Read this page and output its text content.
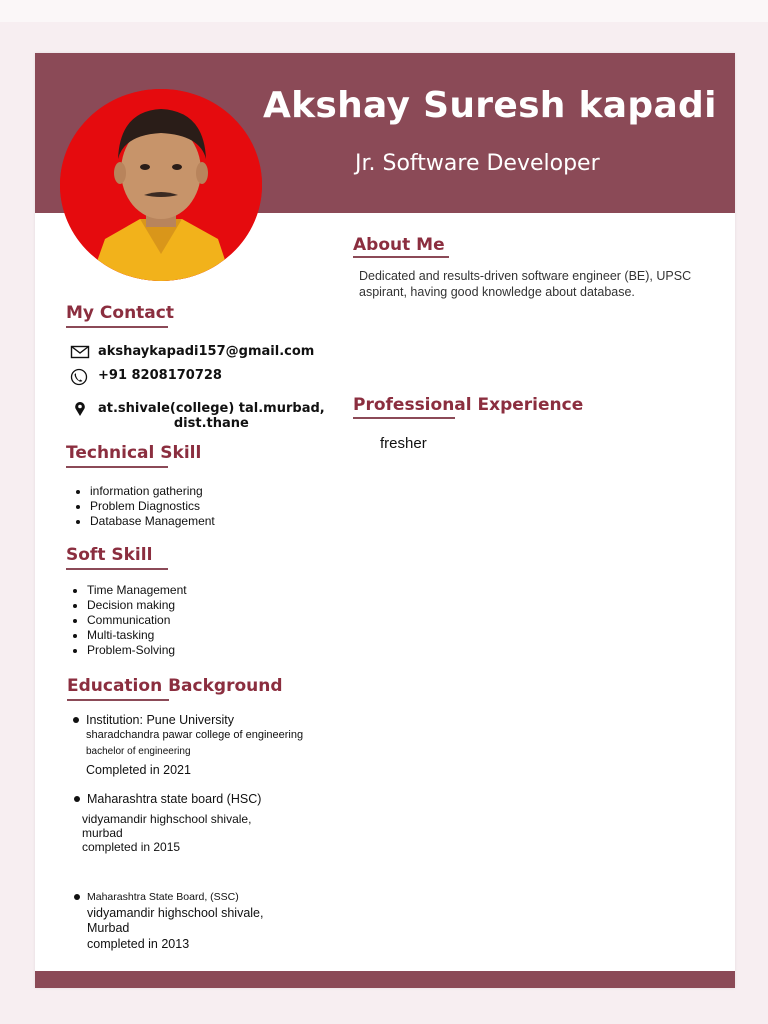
Akshay Suresh kapadi
Jr. Software Developer
About Me
Dedicated and results-driven software engineer (BE), UPSC aspirant, having good knowledge about database.
Professional Experience
fresher
My Contact
akshaykapadi157@gmail.com
+91 8208170728
at.shivale(college) tal.murbad,
dist.thane
Technical Skill
• information gathering
• Problem Diagnostics
• Database Management
Soft Skill
• Time Management
• Decision making
• Communication
• Multi-tasking
• Problem-Solving
Education Background
Institution: Pune University
sharadchandra pawar college of engineering
bachelor of engineering
Completed in 2021
Maharashtra state board (HSC)
vidyamandir highschool shivale,
murbad
completed in 2015
Maharashtra State Board, (SSC)
vidyamandir highschool shivale,
Murbad
completed in 2013
